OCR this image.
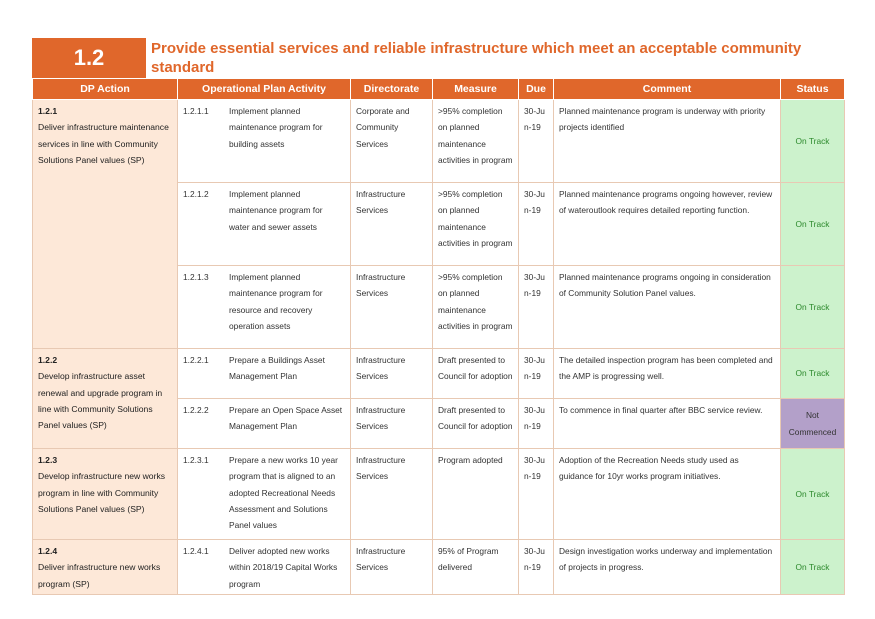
1.2	Provide essential services and reliable infrastructure which meet an acceptable community standard
DP Action	Operational Plan Activity	Directorate	Measure	Due	Comment	Status

1.2.1
Deliver infrastructure maintenance services in line with Community Solutions Panel values (SP)	1.2.1.1 Implement planned maintenance program for building assets	Corporate and Community Services	>95% completion on planned maintenance activities in program	30-Jun-19	Planned maintenance program is underway with priority projects identified	On Track

	1.2.1.2 Implement planned maintenance program for water and sewer assets	Infrastructure Services	>95% completion on planned maintenance activities in program	30-Jun-19	Planned maintenance programs ongoing however, review of wateroutlook requires detailed reporting function.	On Track

	1.2.1.3 Implement planned maintenance program for resource and recovery operation assets	Infrastructure Services	>95% completion on planned maintenance activities in program	30-Jun-19	Planned maintenance programs ongoing in consideration of Community Solution Panel values.	On Track

1.2.2
Develop infrastructure asset renewal and upgrade program in line with Community Solutions Panel values (SP)	1.2.2.1 Prepare a Buildings Asset Management Plan	Infrastructure Services	Draft presented to Council for adoption	30-Jun-19	The detailed inspection program has been completed and the AMP is progressing well.	On Track

	1.2.2.2 Prepare an Open Space Asset Management Plan	Infrastructure Services	Draft presented to Council for adoption	30-Jun-19	To commence in final quarter after BBC service review.	Not Commenced

1.2.3
Develop infrastructure new works program in line with Community Solutions Panel values (SP)	1.2.3.1 Prepare a new works 10 year program that is aligned to an adopted Recreational Needs Assessment and Solutions Panel values	Infrastructure Services	Program adopted	30-Jun-19	Adoption of the Recreation Needs study used as guidance for 10yr works program initiatives.	On Track

1.2.4
Deliver infrastructure new works program (SP)	1.2.4.1 Deliver adopted new works within 2018/19 Capital Works program	Infrastructure Services	95% of Program delivered	30-Jun-19	Design investigation works underway and implementation of projects in progress.	On Track
